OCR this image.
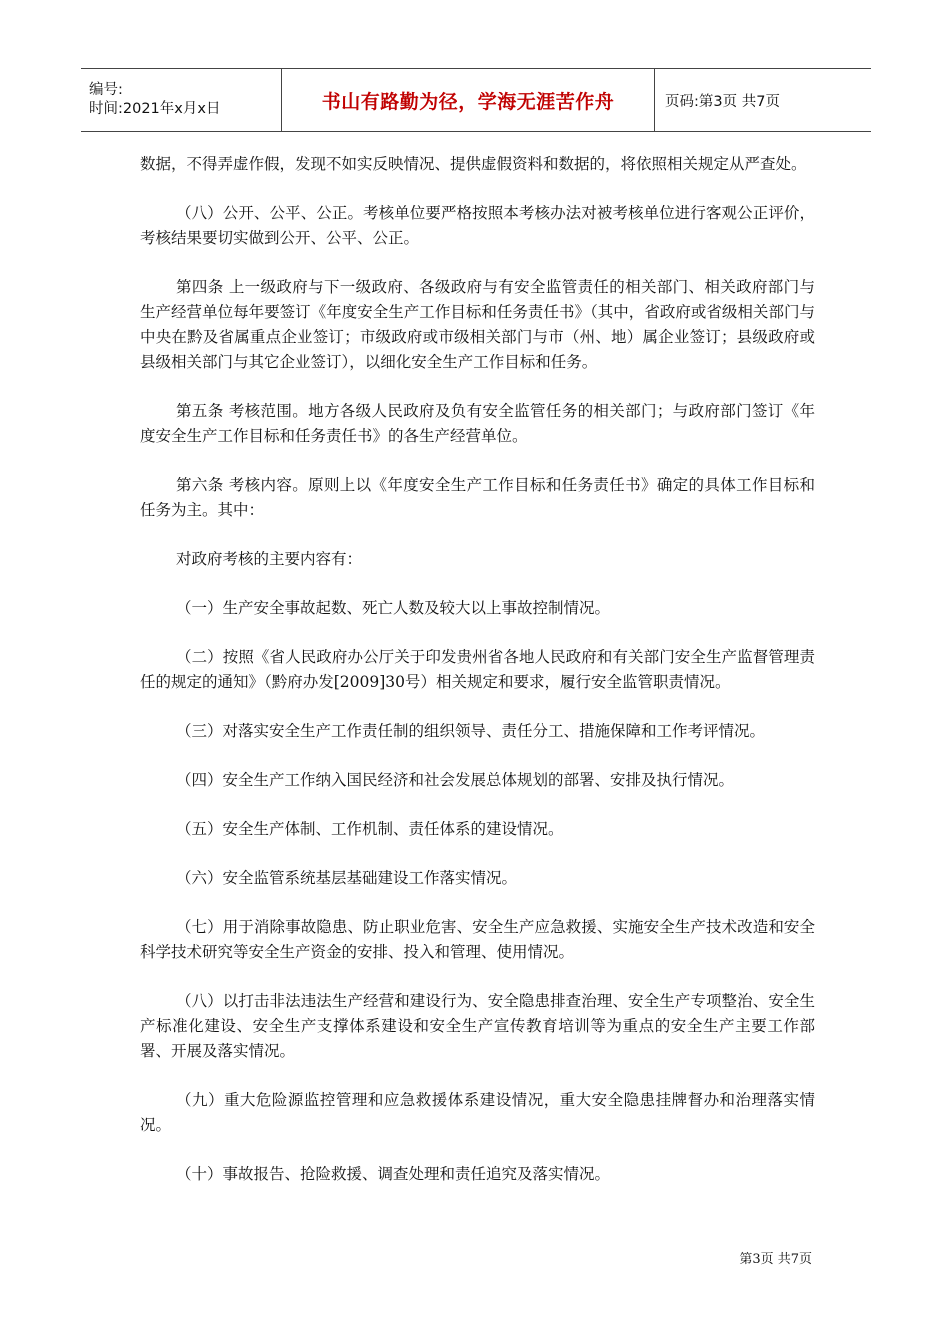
编号:
时间:2021年x月x日	书山有路勤为径，学海无涯苦作舟	页码:第3页 共7页

数据，不得弄虚作假，发现不如实反映情况、提供虚假资料和数据的，将依照相关规定从严查处。

（八）公开、公平、公正。考核单位要严格按照本考核办法对被考核单位进行客观公正评价，考核结果要切实做到公开、公平、公正。

第四条 上一级政府与下一级政府、各级政府与有安全监管责任的相关部门、相关政府部门与生产经营单位每年要签订《年度安全生产工作目标和任务责任书》（其中，省政府或省级相关部门与中央在黔及省属重点企业签订；市级政府或市级相关部门与市（州、地）属企业签订；县级政府或县级相关部门与其它企业签订），以细化安全生产工作目标和任务。

第五条 考核范围。地方各级人民政府及负有安全监管任务的相关部门；与政府部门签订《年度安全生产工作目标和任务责任书》的各生产经营单位。

第六条 考核内容。原则上以《年度安全生产工作目标和任务责任书》确定的具体工作目标和任务为主。其中：

对政府考核的主要内容有：

（一）生产安全事故起数、死亡人数及较大以上事故控制情况。

（二）按照《省人民政府办公厅关于印发贵州省各地人民政府和有关部门安全生产监督管理责任的规定的通知》（黔府办发[2009]30号）相关规定和要求，履行安全监管职责情况。

（三）对落实安全生产工作责任制的组织领导、责任分工、措施保障和工作考评情况。

（四）安全生产工作纳入国民经济和社会发展总体规划的部署、安排及执行情况。

（五）安全生产体制、工作机制、责任体系的建设情况。

（六）安全监管系统基层基础建设工作落实情况。

（七）用于消除事故隐患、防止职业危害、安全生产应急救援、实施安全生产技术改造和安全科学技术研究等安全生产资金的安排、投入和管理、使用情况。

（八）以打击非法违法生产经营和建设行为、安全隐患排查治理、安全生产专项整治、安全生产标准化建设、安全生产支撑体系建设和安全生产宣传教育培训等为重点的安全生产主要工作部署、开展及落实情况。

（九）重大危险源监控管理和应急救援体系建设情况，重大安全隐患挂牌督办和治理落实情况。

（十）事故报告、抢险救援、调查处理和责任追究及落实情况。

第3页 共7页
